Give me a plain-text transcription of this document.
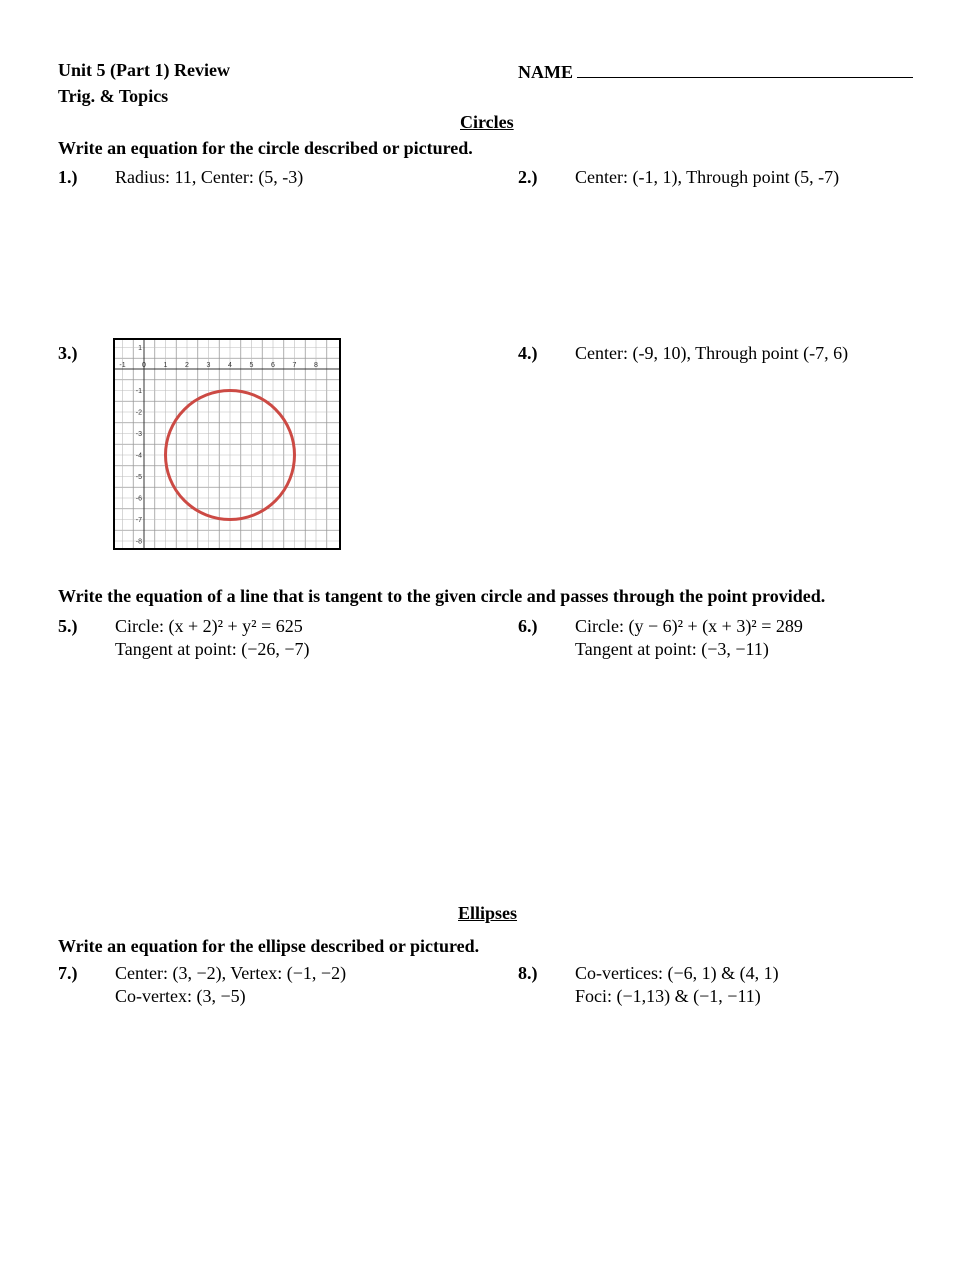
Unit 5 (Part 1) Review
Trig. & Topics
NAME
Circles
Write an equation for the circle described or pictured.
1.) Radius: 11, Center: (5, -3)	2.) Center: (-1, 1), Through point (5, -7)
3.)	4.) Center: (-9, 10), Through point (-7, 6)
-1 0	1	2	3	4	5	6	7	8
1
-1
-2
-3
-4
-5
-6
-7
-8
Write the equation of a line that is tangent to the given circle and passes through the point provided.
5.) Circle: (x + 2)² + y² = 625
Tangent at point: (−26, −7)
6.) Circle: (y − 6)² + (x + 3)² = 289
Tangent at point: (−3, −11)
Ellipses
Write an equation for the ellipse described or pictured.
7.) Center: (3, −2), Vertex: (−1, −2)
Co-vertex: (3, −5)
8.) Co-vertices: (−6, 1) & (4, 1)
Foci: (−1,13) & (−1, −11)
